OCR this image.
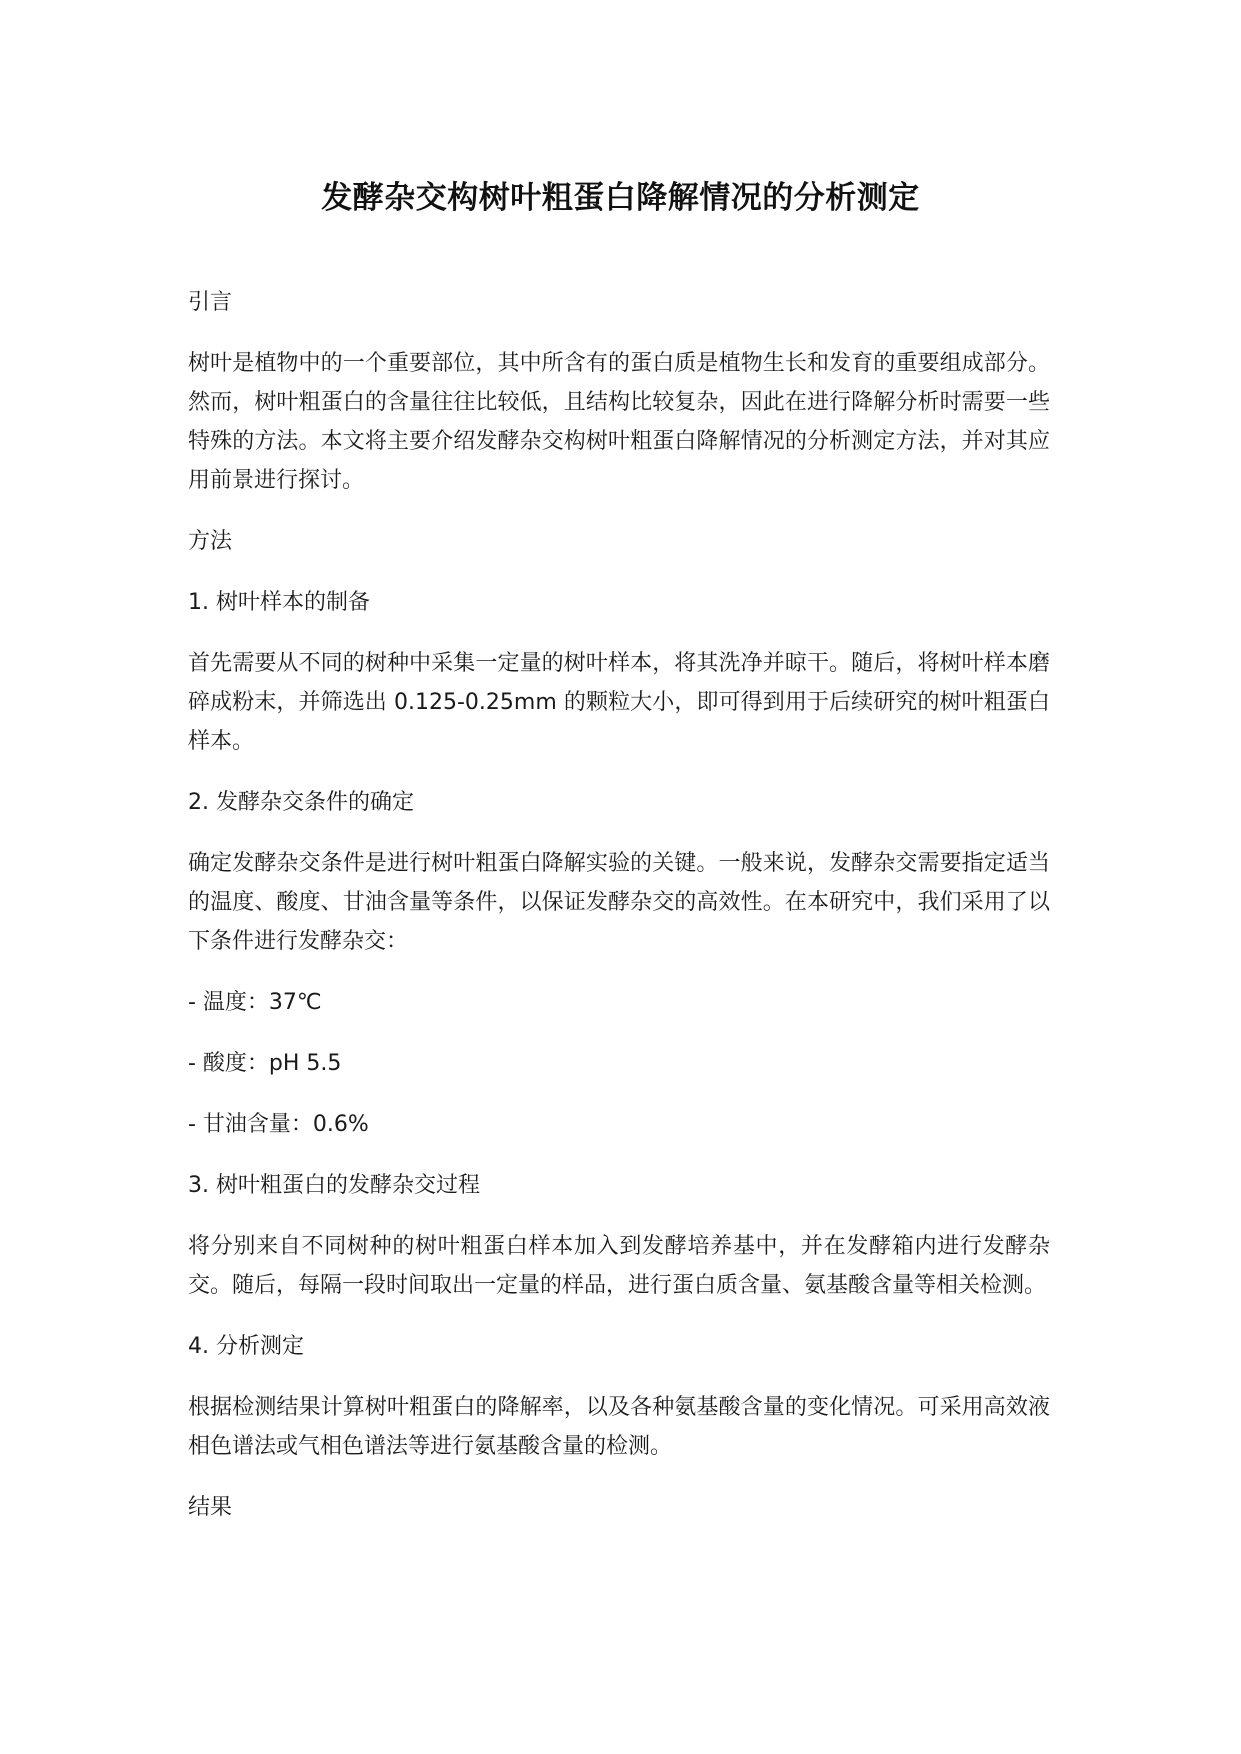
发酵杂交构树叶粗蛋白降解情况的分析测定

引言

树叶是植物中的一个重要部位，其中所含有的蛋白质是植物生长和发育的重要组成部分。然而，树叶粗蛋白的含量往往比较低，且结构比较复杂，因此在进行降解分析时需要一些特殊的方法。本文将主要介绍发酵杂交构树叶粗蛋白降解情况的分析测定方法，并对其应用前景进行探讨。

方法

1. 树叶样本的制备

首先需要从不同的树种中采集一定量的树叶样本，将其洗净并晾干。随后，将树叶样本磨碎成粉末，并筛选出 0.125-0.25mm 的颗粒大小，即可得到用于后续研究的树叶粗蛋白样本。

2. 发酵杂交条件的确定

确定发酵杂交条件是进行树叶粗蛋白降解实验的关键。一般来说，发酵杂交需要指定适当的温度、酸度、甘油含量等条件，以保证发酵杂交的高效性。在本研究中，我们采用了以下条件进行发酵杂交：

- 温度：37℃

- 酸度：pH 5.5

- 甘油含量：0.6%

3. 树叶粗蛋白的发酵杂交过程

将分别来自不同树种的树叶粗蛋白样本加入到发酵培养基中，并在发酵箱内进行发酵杂交。随后，每隔一段时间取出一定量的样品，进行蛋白质含量、氨基酸含量等相关检测。

4. 分析测定

根据检测结果计算树叶粗蛋白的降解率，以及各种氨基酸含量的变化情况。可采用高效液相色谱法或气相色谱法等进行氨基酸含量的检测。

结果
